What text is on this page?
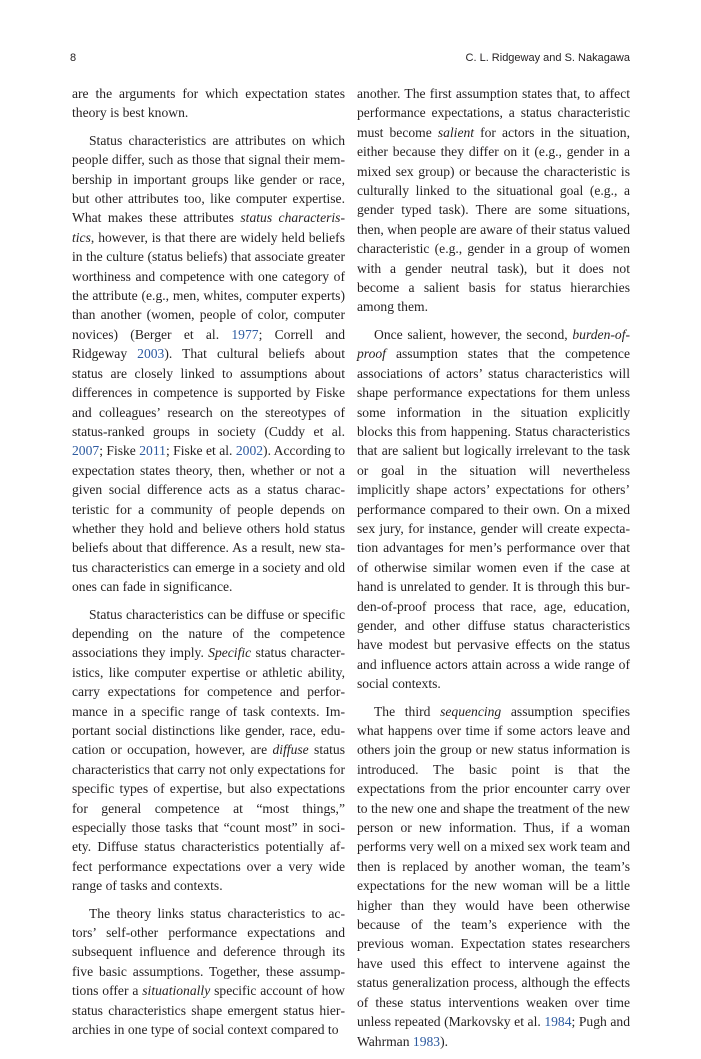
8	C. L. Ridgeway and S. Nakagawa

are the arguments for which expectation states theory is best known.

Status characteristics are attributes on which people differ, such as those that signal their membership in important groups like gender or race, but other attributes too, like computer expertise. What makes these attributes status characteristics, however, is that there are widely held beliefs in the culture (status beliefs) that associate greater worthiness and competence with one category of the attribute (e.g., men, whites, computer experts) than another (women, people of color, computer novices) (Berger et al. 1977; Correll and Ridgeway 2003). That cultural beliefs about status are closely linked to assumptions about differences in competence is supported by Fiske and colleagues’ research on the stereotypes of status-ranked groups in society (Cuddy et al. 2007; Fiske 2011; Fiske et al. 2002). According to expectation states theory, then, whether or not a given social difference acts as a status characteristic for a community of people depends on whether they hold and believe others hold status beliefs about that difference. As a result, new status characteristics can emerge in a society and old ones can fade in significance.

Status characteristics can be diffuse or specific depending on the nature of the competence associations they imply. Specific status characteristics, like computer expertise or athletic ability, carry expectations for competence and performance in a specific range of task contexts. Important social distinctions like gender, race, education or occupation, however, are diffuse status characteristics that carry not only expectations for specific types of expertise, but also expectations for general competence at “most things,” especially those tasks that “count most” in society. Diffuse status characteristics potentially affect performance expectations over a very wide range of tasks and contexts.

The theory links status characteristics to actors’ self-other performance expectations and subsequent influence and deference through its five basic assumptions. Together, these assumptions offer a situationally specific account of how status characteristics shape emergent status hierarchies in one type of social context compared to

another. The first assumption states that, to affect performance expectations, a status characteristic must become salient for actors in the situation, either because they differ on it (e.g., gender in a mixed sex group) or because the characteristic is culturally linked to the situational goal (e.g., a gender typed task). There are some situations, then, when people are aware of their status valued characteristic (e.g., gender in a group of women with a gender neutral task), but it does not become a salient basis for status hierarchies among them.

Once salient, however, the second, burden-of-proof assumption states that the competence associations of actors’ status characteristics will shape performance expectations for them unless some information in the situation explicitly blocks this from happening. Status characteristics that are salient but logically irrelevant to the task or goal in the situation will nevertheless implicitly shape actors’ expectations for others’ performance compared to their own. On a mixed sex jury, for instance, gender will create expectation advantages for men’s performance over that of otherwise similar women even if the case at hand is unrelated to gender. It is through this burden-of-proof process that race, age, education, gender, and other diffuse status characteristics have modest but pervasive effects on the status and influence actors attain across a wide range of social contexts.

The third sequencing assumption specifies what happens over time if some actors leave and others join the group or new status information is introduced. The basic point is that the expectations from the prior encounter carry over to the new one and shape the treatment of the new person or new information. Thus, if a woman performs very well on a mixed sex work team and then is replaced by another woman, the team’s expectations for the new woman will be a little higher than they would have been otherwise because of the team’s experience with the previous woman. Expectation states researchers have used this effect to intervene against the status generalization process, although the effects of these status interventions weaken over time unless repeated (Markovsky et al. 1984; Pugh and Wahrman 1983).
